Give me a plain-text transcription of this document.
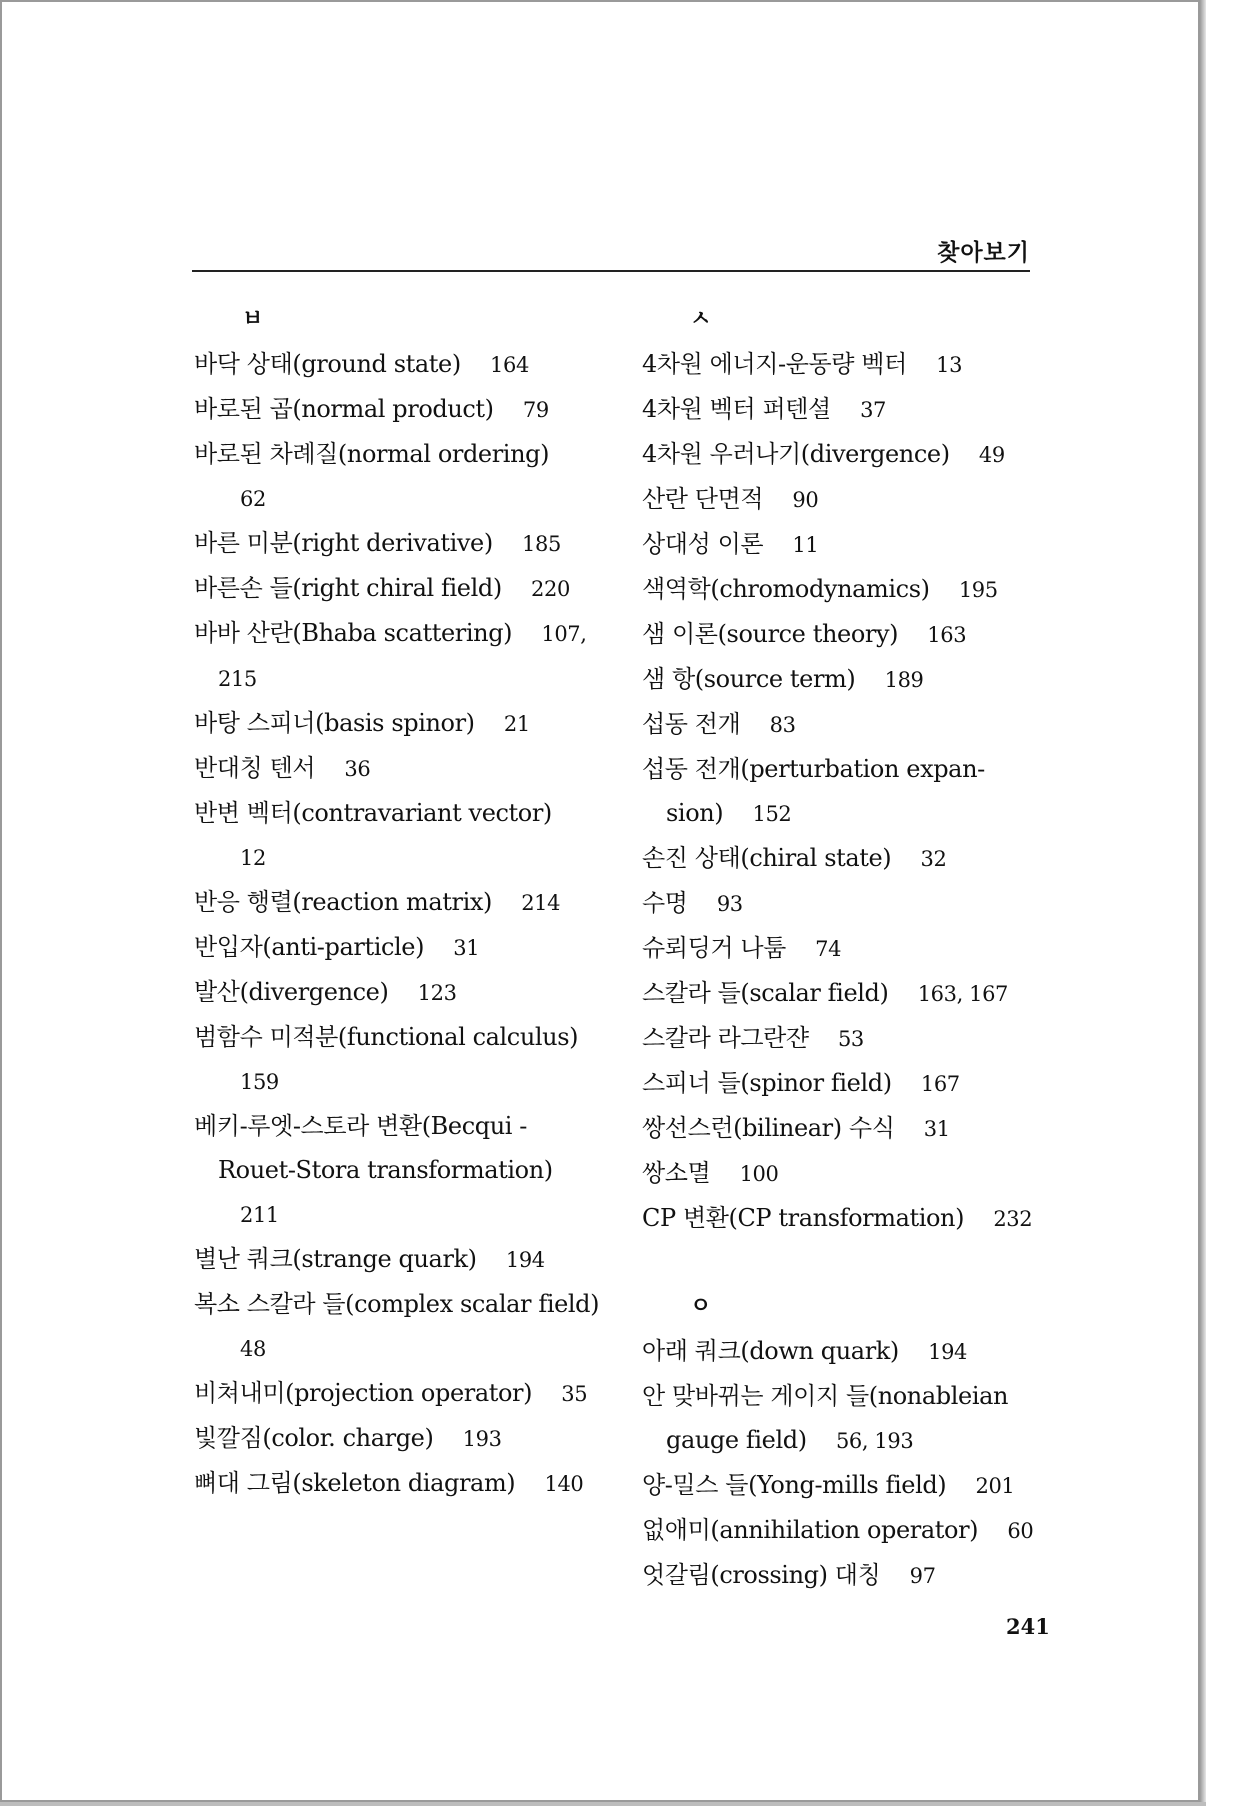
찾아보기
ㅂ
바닥 상태(ground state) 164
바로된 곱(normal product) 79
바로된 차례질(normal ordering) 62
바른 미분(right derivative) 185
바른손 들(right chiral field) 220
바바 산란(Bhaba scattering) 107, 215
바탕 스피너(basis spinor) 21
반대칭 텐서 36
반변 벡터(contravariant vector) 12
반응 행렬(reaction matrix) 214
반입자(anti-particle) 31
발산(divergence) 123
범함수 미적분(functional calculus) 159
베키-루엣-스토라 변환(Becqui -Rouet-Stora transformation) 211
별난 쿼크(strange quark) 194
복소 스칼라 들(complex scalar field) 48
비쳐내미(projection operator) 35
빛깔짐(color. charge) 193
뼈대 그림(skeleton diagram) 140
ㅅ
4차원 에너지-운동량 벡터 13
4차원 벡터 퍼텐셜 37
4차원 우러나기(divergence) 49
산란 단면적 90
상대성 이론 11
색역학(chromodynamics) 195
샘 이론(source theory) 163
샘 항(source term) 189
섭동 전개 83
섭동 전개(perturbation expan- sion) 152
손진 상태(chiral state) 32
수명 93
슈뢰딩거 나툼 74
스칼라 들(scalar field) 163, 167
스칼라 라그란쟌 53
스피너 들(spinor field) 167
쌍선스런(bilinear) 수식 31
쌍소멸 100
CP 변환(CP transformation) 232
ㅇ
아래 쿼크(down quark) 194
안 맞바뀌는 게이지 들(nonableian gauge field) 56, 193
양-밀스 들(Yong-mills field) 201
없애미(annihilation operator) 60
엇갈림(crossing) 대칭 97
241
